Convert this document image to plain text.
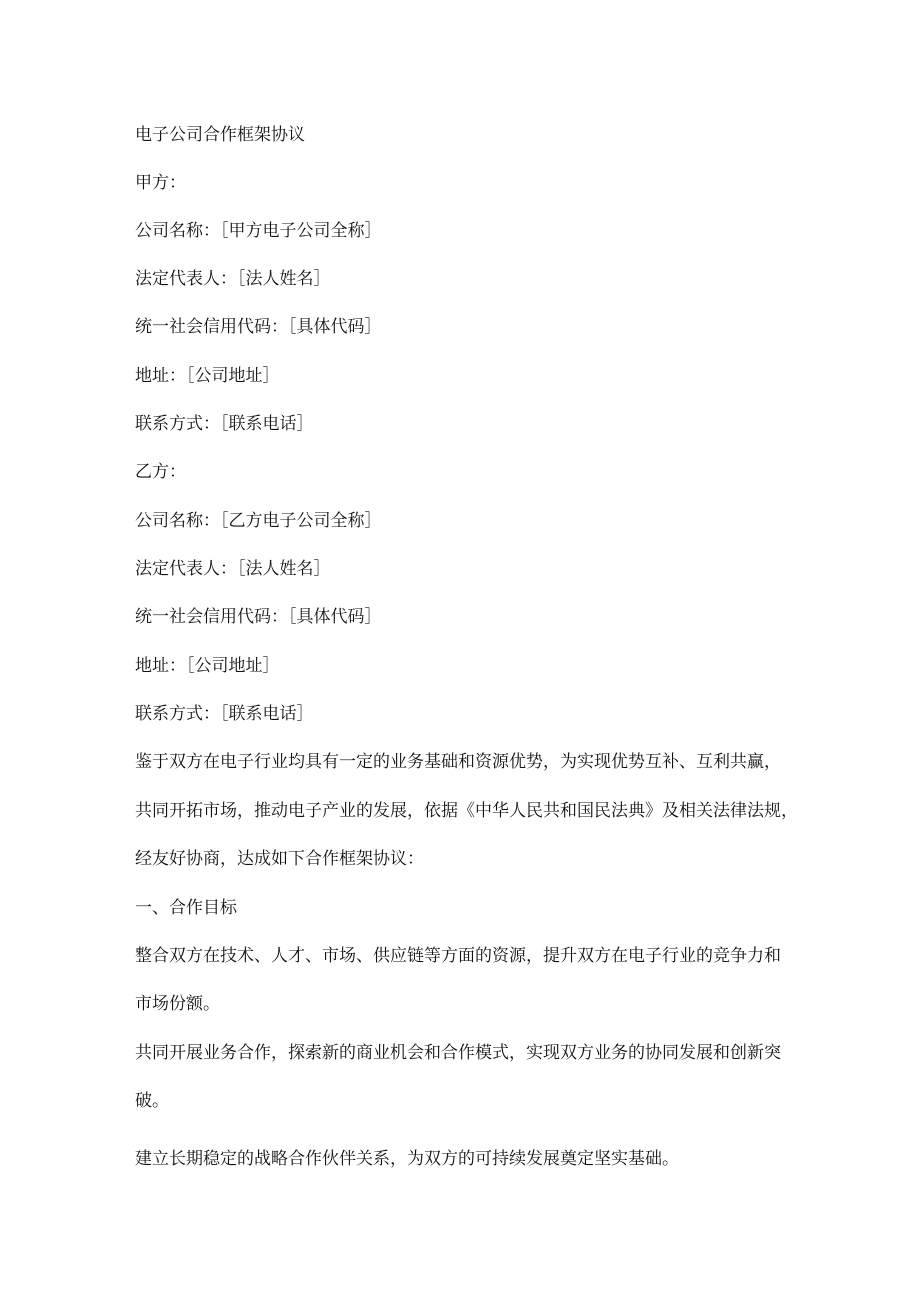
电子公司合作框架协议
甲方：
公司名称：［甲方电子公司全称］
法定代表人：［法人姓名］
统一社会信用代码：［具体代码］
地址：［公司地址］
联系方式：［联系电话］
乙方：
公司名称：［乙方电子公司全称］
法定代表人：［法人姓名］
统一社会信用代码：［具体代码］
地址：［公司地址］
联系方式：［联系电话］
鉴于双方在电子行业均具有一定的业务基础和资源优势，为实现优势互补、互利共赢，
共同开拓市场，推动电子产业的发展，依据《中华人民共和国民法典》及相关法律法规，
经友好协商，达成如下合作框架协议：
一、合作目标
整合双方在技术、人才、市场、供应链等方面的资源，提升双方在电子行业的竞争力和
市场份额。
共同开展业务合作，探索新的商业机会和合作模式，实现双方业务的协同发展和创新突
破。
建立长期稳定的战略合作伙伴关系，为双方的可持续发展奠定坚实基础。
